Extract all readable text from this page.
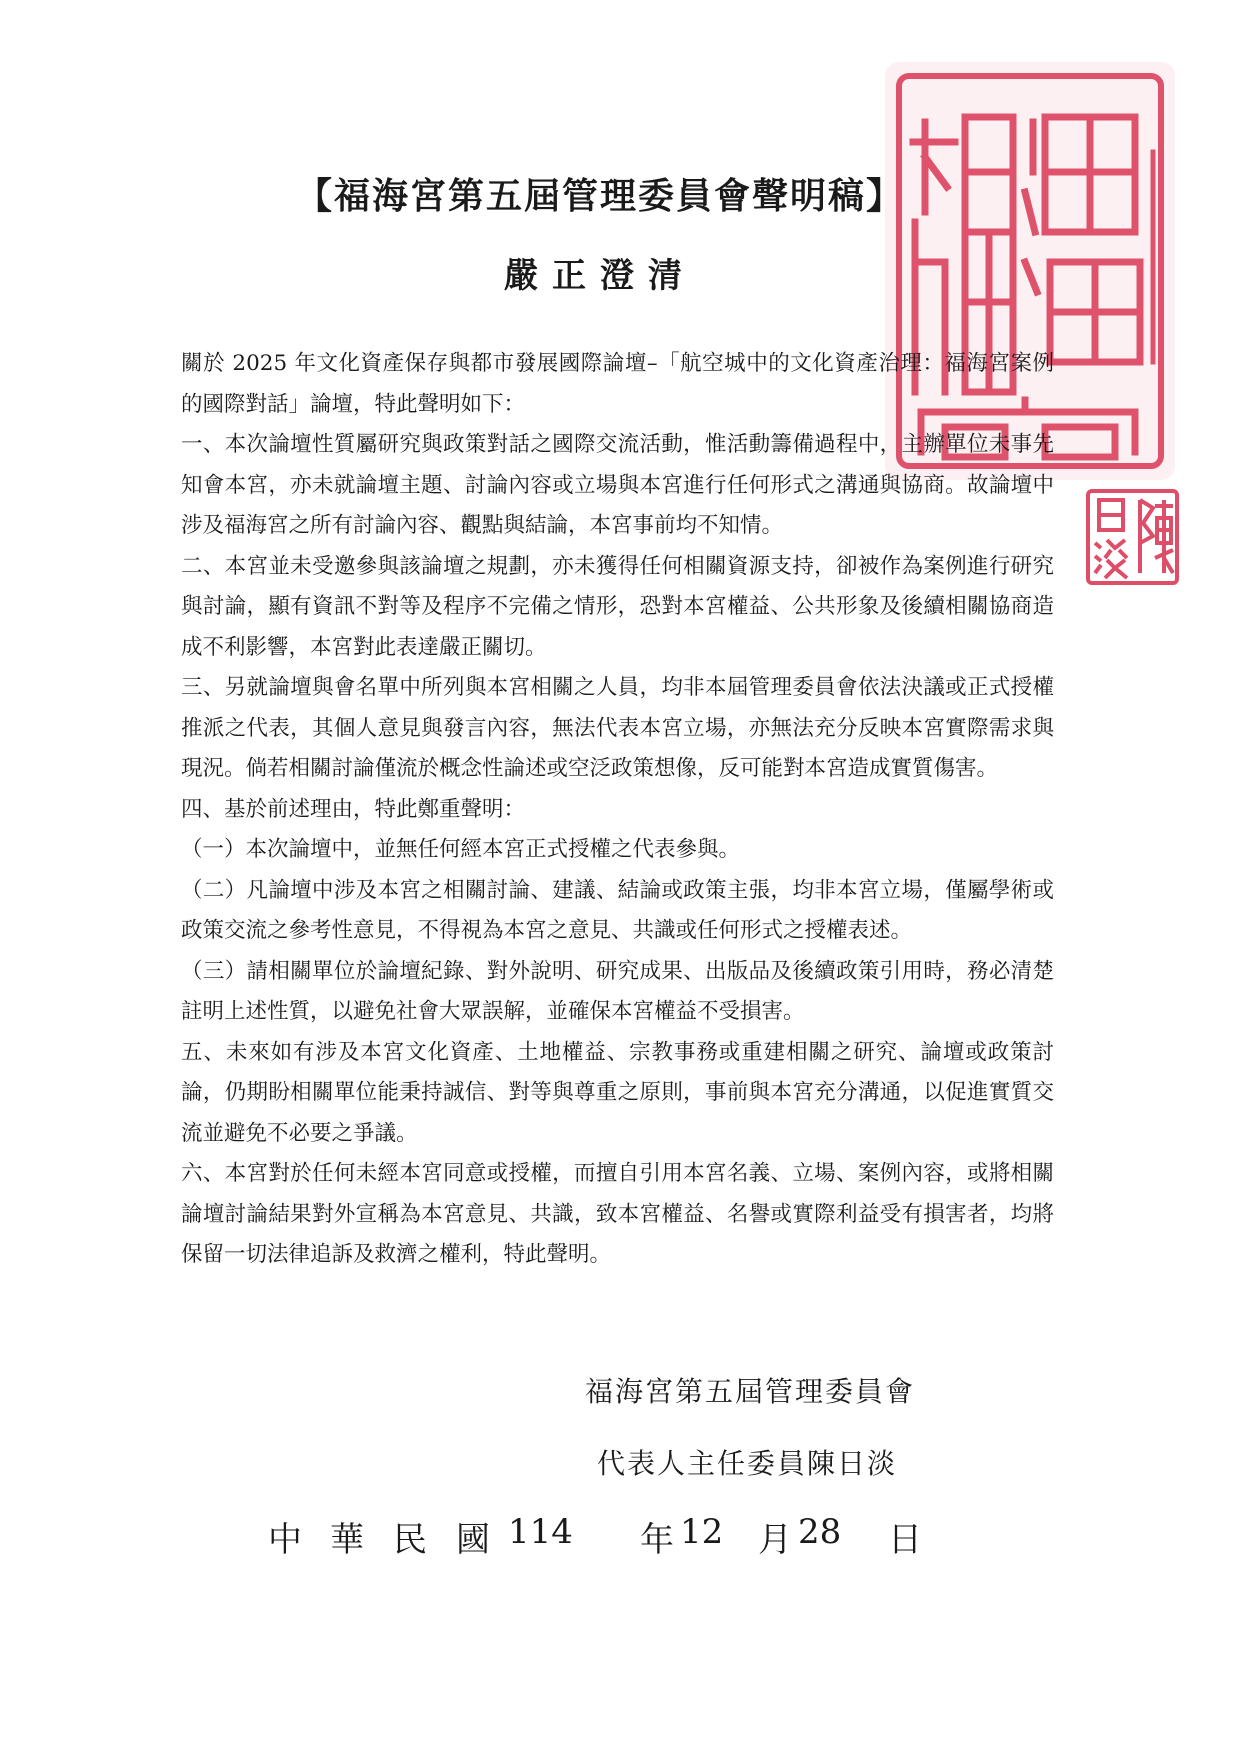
【福海宮第五屆管理委員會聲明稿】
嚴正澄清

關於 2025 年文化資產保存與都市發展國際論壇–「航空城中的文化資產治理：福海宮案例的國際對話」論壇，特此聲明如下：

一、本次論壇性質屬研究與政策對話之國際交流活動，惟活動籌備過程中，主辦單位未事先知會本宮，亦未就論壇主題、討論內容或立場與本宮進行任何形式之溝通與協商。故論壇中涉及福海宮之所有討論內容、觀點與結論，本宮事前均不知情。

二、本宮並未受邀參與該論壇之規劃，亦未獲得任何相關資源支持，卻被作為案例進行研究與討論，顯有資訊不對等及程序不完備之情形，恐對本宮權益、公共形象及後續相關協商造成不利影響，本宮對此表達嚴正關切。

三、另就論壇與會名單中所列與本宮相關之人員，均非本屆管理委員會依法決議或正式授權推派之代表，其個人意見與發言內容，無法代表本宮立場，亦無法充分反映本宮實際需求與現況。倘若相關討論僅流於概念性論述或空泛政策想像，反可能對本宮造成實質傷害。

四、基於前述理由，特此鄭重聲明：

（一）本次論壇中，並無任何經本宮正式授權之代表參與。

（二）凡論壇中涉及本宮之相關討論、建議、結論或政策主張，均非本宮立場，僅屬學術或政策交流之參考性意見，不得視為本宮之意見、共識或任何形式之授權表述。

（三）請相關單位於論壇紀錄、對外說明、研究成果、出版品及後續政策引用時，務必清楚註明上述性質，以避免社會大眾誤解，並確保本宮權益不受損害。

五、未來如有涉及本宮文化資產、土地權益、宗教事務或重建相關之研究、論壇或政策討論，仍期盼相關單位能秉持誠信、對等與尊重之原則，事前與本宮充分溝通，以促進實質交流並避免不必要之爭議。

六、本宮對於任何未經本宮同意或授權，而擅自引用本宮名義、立場、案例內容，或將相關論壇討論結果對外宣稱為本宮意見、共識，致本宮權益、名譽或實際利益受有損害者，均將保留一切法律追訴及救濟之權利，特此聲明。

福海宮第五屆管理委員會
代表人主任委員陳日淡
中 華 民 國 114 年 12 月 28 日
